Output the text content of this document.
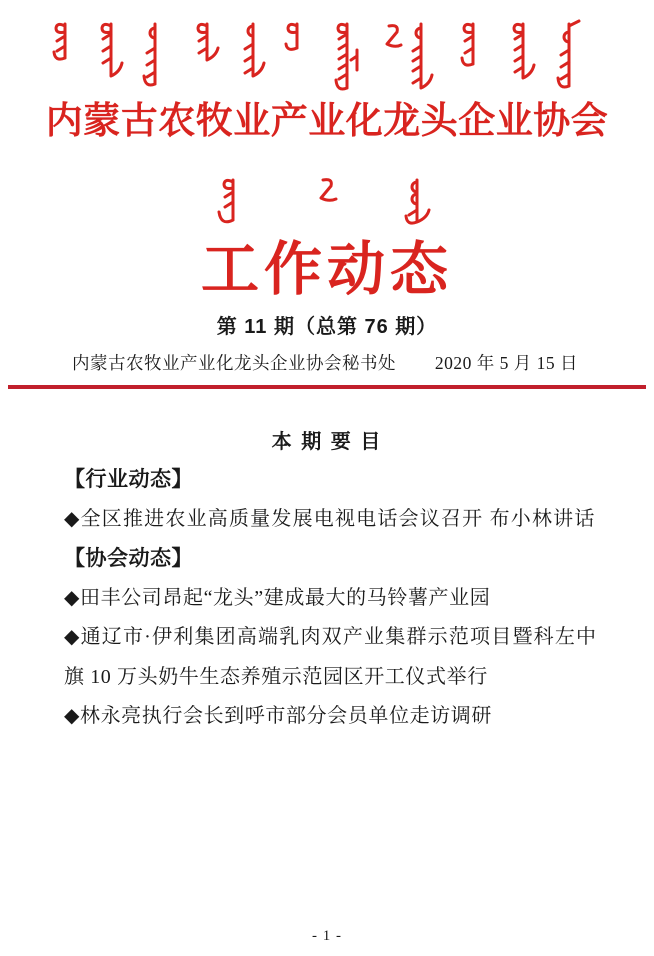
内蒙古农牧业产业化龙头企业协会
工作动态
第 11 期（总第 76 期）
内蒙古农牧业产业化龙头企业协会秘书处 2020 年 5 月 15 日
本 期 要 目
【行业动态】
◆全区推进农业高质量发展电视电话会议召开 布小林讲话
【协会动态】
◆田丰公司昂起“龙头”建成最大的马铃薯产业园
◆通辽市·伊利集团高端乳肉双产业集群示范项目暨科左中
旗 10 万头奶牛生态养殖示范园区开工仪式举行
◆林永亮执行会长到呼市部分会员单位走访调研
- 1 -
